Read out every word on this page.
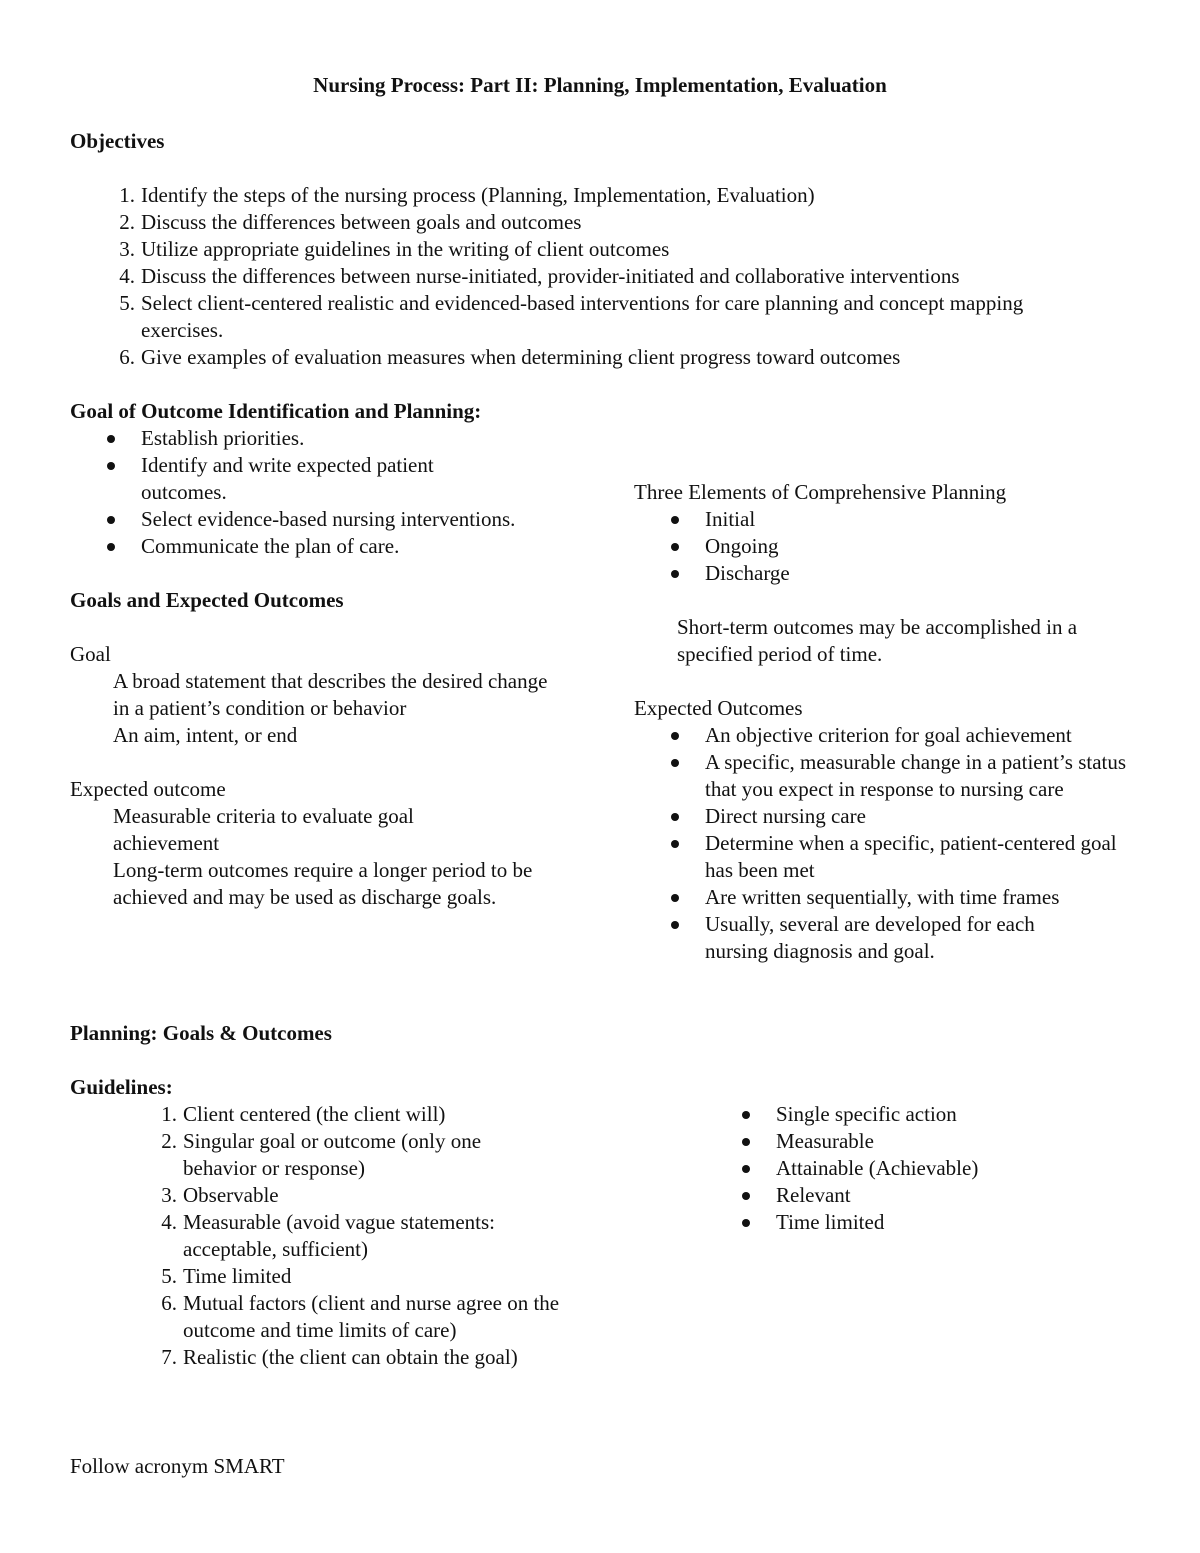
Nursing Process: Part II: Planning, Implementation, Evaluation
Objectives
1. Identify the steps of the nursing process (Planning, Implementation, Evaluation)
2. Discuss the differences between goals and outcomes
3. Utilize appropriate guidelines in the writing of client outcomes
4. Discuss the differences between nurse-initiated, provider-initiated and collaborative interventions
5. Select client-centered realistic and evidenced-based interventions for care planning and concept mapping exercises.
6. Give examples of evaluation measures when determining client progress toward outcomes
Goal of Outcome Identification and Planning:
Establish priorities.
Identify and write expected patient outcomes.
Select evidence-based nursing interventions.
Communicate the plan of care.
Three Elements of Comprehensive Planning
Initial
Ongoing
Discharge
Short-term outcomes may be accomplished in a specified period of time.
Goals and Expected Outcomes
Goal
A broad statement that describes the desired change in a patient’s condition or behavior
An aim, intent, or end
Expected outcome
Measurable criteria to evaluate goal achievement
Long-term outcomes require a longer period to be achieved and may be used as discharge goals.
Expected Outcomes
An objective criterion for goal achievement
A specific, measurable change in a patient’s status that you expect in response to nursing care
Direct nursing care
Determine when a specific, patient-centered goal has been met
Are written sequentially, with time frames
Usually, several are developed for each nursing diagnosis and goal.
Planning: Goals & Outcomes
Guidelines:
1. Client centered (the client will)
2. Singular goal or outcome (only one behavior or response)
3. Observable
4. Measurable (avoid vague statements: acceptable, sufficient)
5. Time limited
6. Mutual factors (client and nurse agree on the outcome and time limits of care)
7. Realistic (the client can obtain the goal)
Single specific action
Measurable
Attainable (Achievable)
Relevant
Time limited
Follow acronym SMART
